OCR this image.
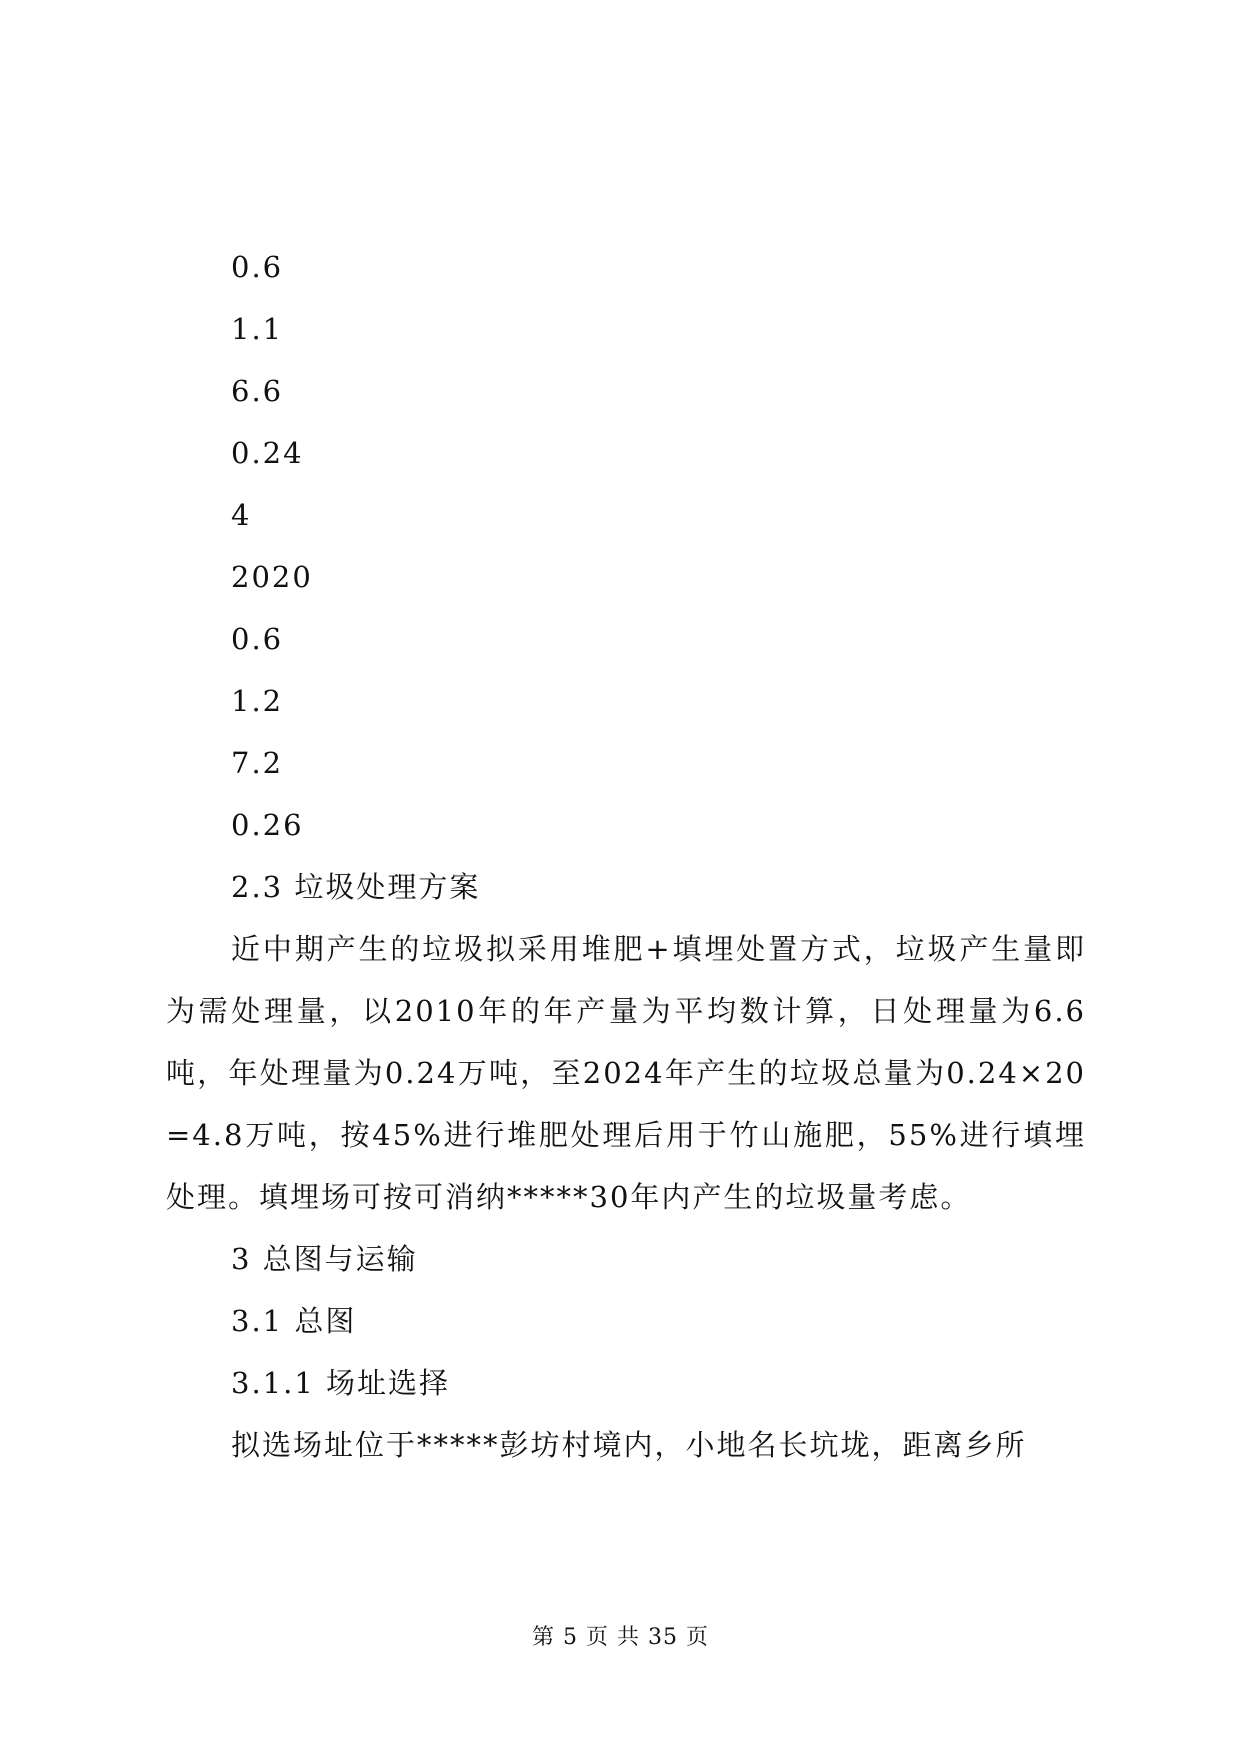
0.6
1.1
6.6
0.24
4
2020
0.6
1.2
7.2
0.26
2.3 垃圾处理方案

近中期产生的垃圾拟采用堆肥+填埋处置方式，垃圾产生量即为需处理量，以2010年的年产量为平均数计算，日处理量为6.6吨，年处理量为0.24万吨，至2024年产生的垃圾总量为0.24×20=4.8万吨，按45%进行堆肥处理后用于竹山施肥，55%进行填埋处理。填埋场可按可消纳*****30年内产生的垃圾量考虑。

3 总图与运输
3.1 总图
3.1.1 场址选择

拟选场址位于*****彭坊村境内，小地名长坑垅，距离乡所

第 5 页 共 35 页
